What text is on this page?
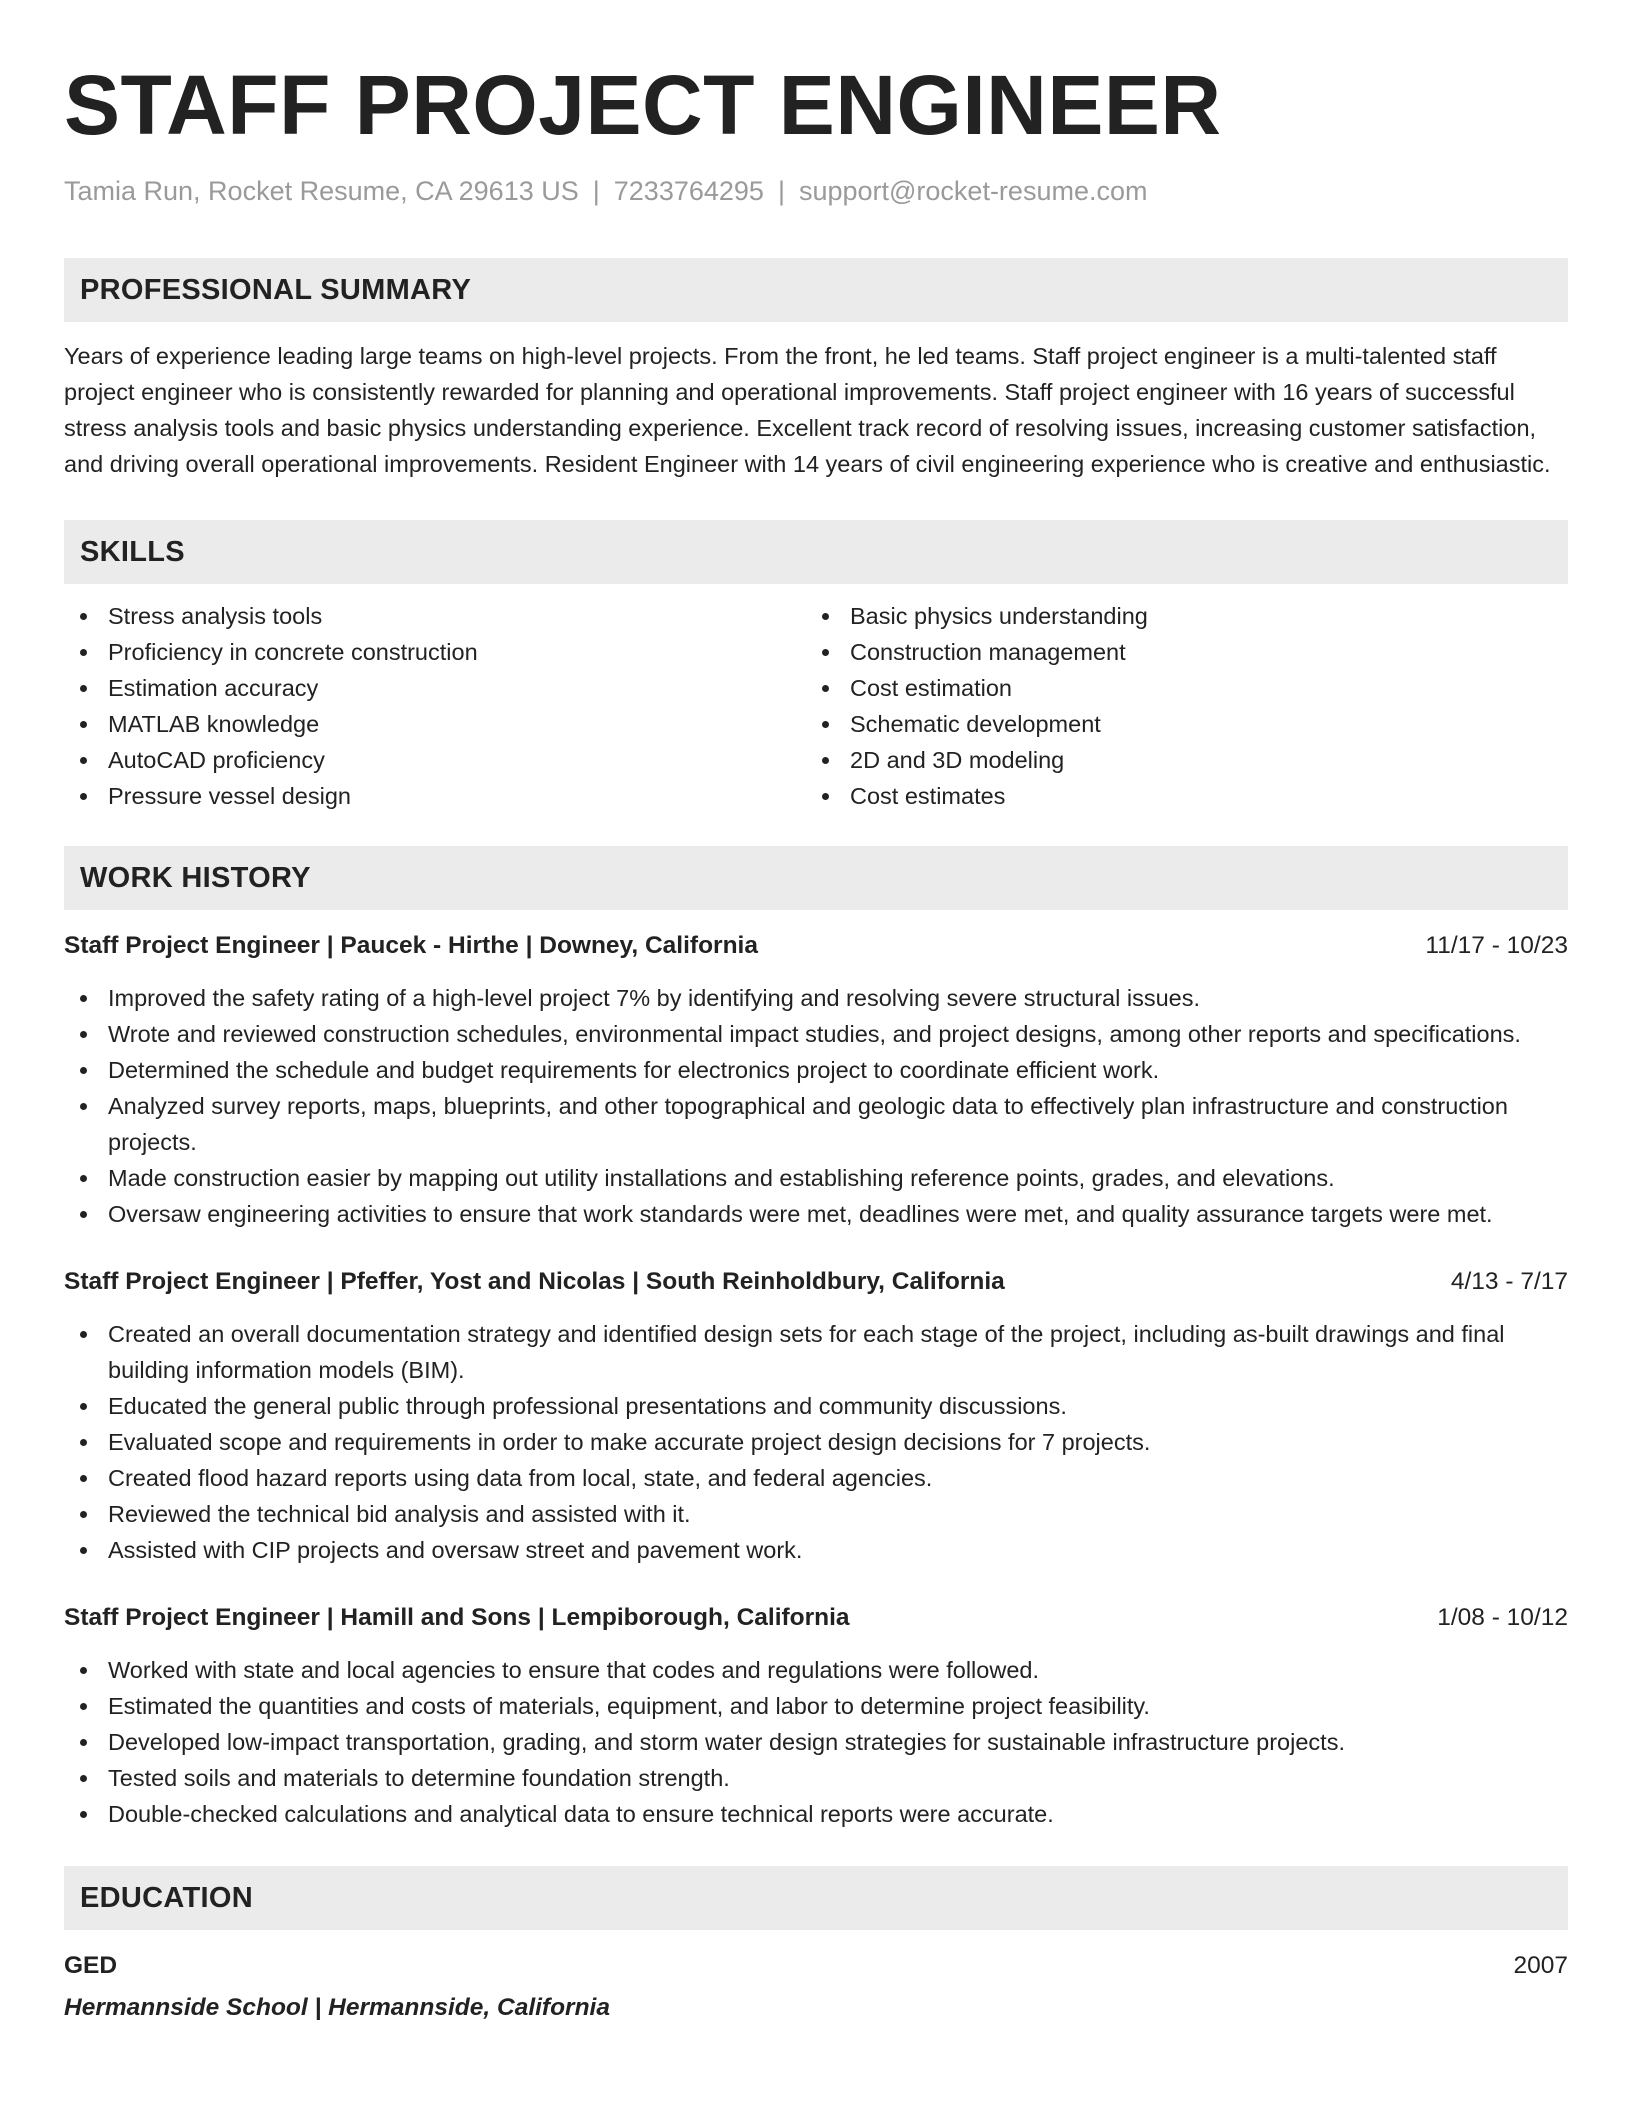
STAFF PROJECT ENGINEER
Tamia Run, Rocket Resume, CA 29613 US | 7233764295 | support@rocket-resume.com
PROFESSIONAL SUMMARY

Years of experience leading large teams on high-level projects. From the front, he led teams. Staff project engineer is a multi-talented staff project engineer who is consistently rewarded for planning and operational improvements. Staff project engineer with 16 years of successful stress analysis tools and basic physics understanding experience. Excellent track record of resolving issues, increasing customer satisfaction, and driving overall operational improvements. Resident Engineer with 14 years of civil engineering experience who is creative and enthusiastic.

SKILLS
Stress analysis tools
Proficiency in concrete construction
Estimation accuracy
MATLAB knowledge
AutoCAD proficiency
Pressure vessel design
Basic physics understanding
Construction management
Cost estimation
Schematic development
2D and 3D modeling
Cost estimates
WORK HISTORY
Staff Project Engineer | Paucek - Hirthe | Downey, California	11/17 - 10/23
Improved the safety rating of a high-level project 7% by identifying and resolving severe structural issues.
Wrote and reviewed construction schedules, environmental impact studies, and project designs, among other reports and specifications.
Determined the schedule and budget requirements for electronics project to coordinate efficient work.
Analyzed survey reports, maps, blueprints, and other topographical and geologic data to effectively plan infrastructure and construction projects.
Made construction easier by mapping out utility installations and establishing reference points, grades, and elevations.
Oversaw engineering activities to ensure that work standards were met, deadlines were met, and quality assurance targets were met.
Staff Project Engineer | Pfeffer, Yost and Nicolas | South Reinholdbury, California	4/13 - 7/17
Created an overall documentation strategy and identified design sets for each stage of the project, including as-built drawings and final building information models (BIM).
Educated the general public through professional presentations and community discussions.
Evaluated scope and requirements in order to make accurate project design decisions for 7 projects.
Created flood hazard reports using data from local, state, and federal agencies.
Reviewed the technical bid analysis and assisted with it.
Assisted with CIP projects and oversaw street and pavement work.
Staff Project Engineer | Hamill and Sons | Lempiborough, California	1/08 - 10/12
Worked with state and local agencies to ensure that codes and regulations were followed.
Estimated the quantities and costs of materials, equipment, and labor to determine project feasibility.
Developed low-impact transportation, grading, and storm water design strategies for sustainable infrastructure projects.
Tested soils and materials to determine foundation strength.
Double-checked calculations and analytical data to ensure technical reports were accurate.
EDUCATION
GED	2007
Hermannside School | Hermannside, California
